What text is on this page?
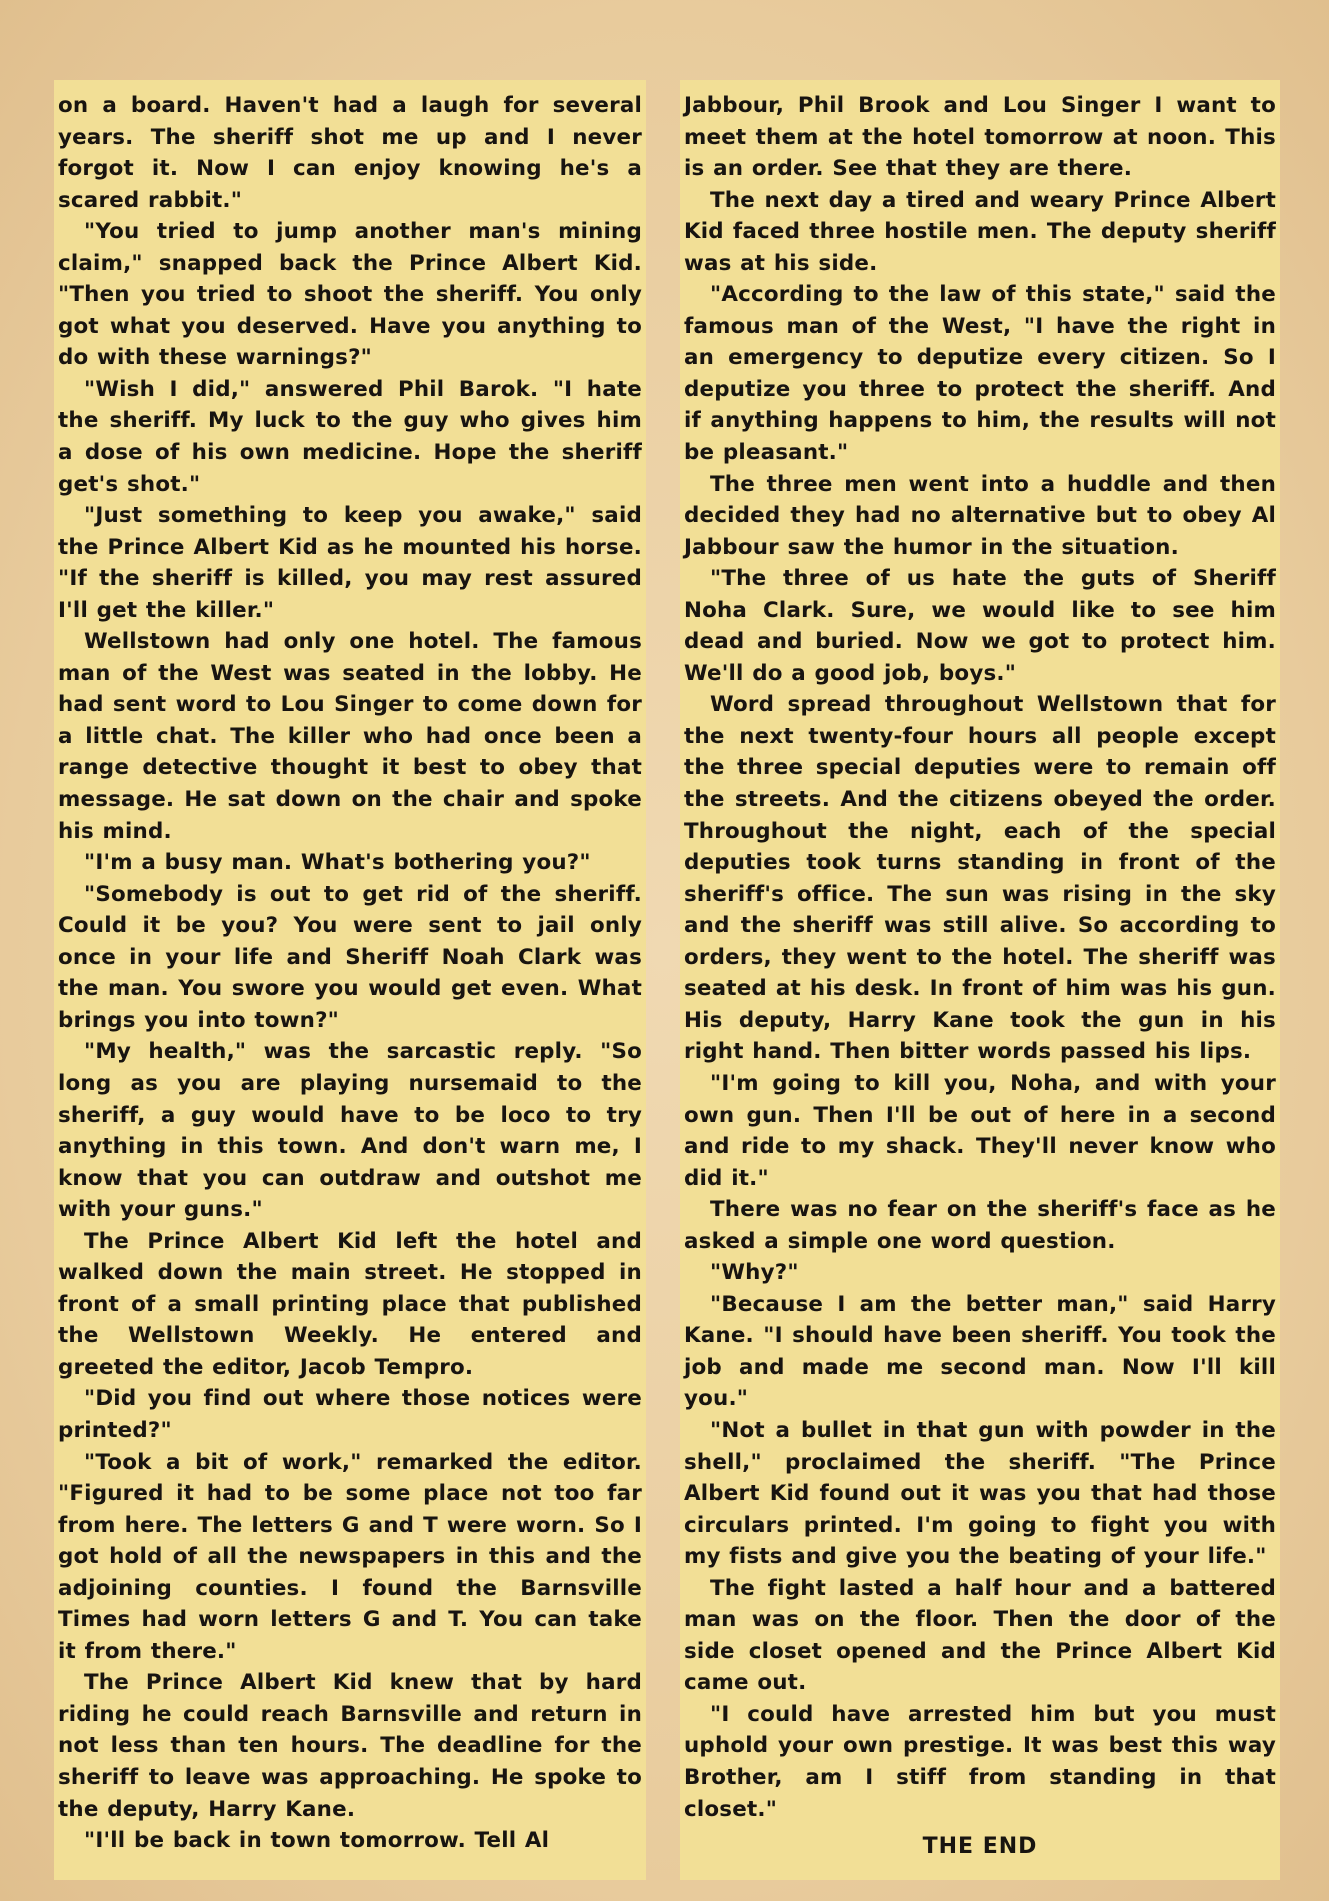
on a board. Haven't had a laugh for several years. The sheriff shot me up and I never forgot it. Now I can enjoy knowing he's a scared rabbit."

"You tried to jump another man's mining claim," snapped back the Prince Albert Kid. "Then you tried to shoot the sheriff. You only got what you deserved. Have you anything to do with these warnings?"

"Wish I did," answered Phil Barok. "I hate the sheriff. My luck to the guy who gives him a dose of his own medicine. Hope the sheriff get's shot."

"Just something to keep you awake," said the Prince Albert Kid as he mounted his horse. "If the sheriff is killed, you may rest assured I'll get the killer."

Wellstown had only one hotel. The famous man of the West was seated in the lobby. He had sent word to Lou Singer to come down for a little chat. The killer who had once been a range detective thought it best to obey that message. He sat down on the chair and spoke his mind.

"I'm a busy man. What's bothering you?"

"Somebody is out to get rid of the sheriff. Could it be you? You were sent to jail only once in your life and Sheriff Noah Clark was the man. You swore you would get even. What brings you into town?"

"My health," was the sarcastic reply. "So long as you are playing nursemaid to the sheriff, a guy would have to be loco to try anything in this town. And don't warn me, I know that you can outdraw and outshot me with your guns."

The Prince Albert Kid left the hotel and walked down the main street. He stopped in front of a small printing place that published the Wellstown Weekly. He entered and greeted the editor, Jacob Tempro.

"Did you find out where those notices were printed?"

"Took a bit of work," remarked the editor. "Figured it had to be some place not too far from here. The letters G and T were worn. So I got hold of all the newspapers in this and the adjoining counties. I found the Barnsville Times had worn letters G and T. You can take it from there."

The Prince Albert Kid knew that by hard riding he could reach Barnsville and return in not less than ten hours. The deadline for the sheriff to leave was approaching. He spoke to the deputy, Harry Kane.

"I'll be back in town tomorrow. Tell Al

Jabbour, Phil Brook and Lou Singer I want to meet them at the hotel tomorrow at noon. This is an order. See that they are there.

The next day a tired and weary Prince Albert Kid faced three hostile men. The deputy sheriff was at his side.

"According to the law of this state," said the famous man of the West, "I have the right in an emergency to deputize every citizen. So I deputize you three to protect the sheriff. And if anything happens to him, the results will not be pleasant."

The three men went into a huddle and then decided they had no alternative but to obey Al Jabbour saw the humor in the situation.

"The three of us hate the guts of Sheriff Noha Clark. Sure, we would like to see him dead and buried. Now we got to protect him. We'll do a good job, boys."

Word spread throughout Wellstown that for the next twenty-four hours all people except the three special deputies were to remain off the streets. And the citizens obeyed the order. Throughout the night, each of the special deputies took turns standing in front of the sheriff's office. The sun was rising in the sky and the sheriff was still alive. So according to orders, they went to the hotel. The sheriff was seated at his desk. In front of him was his gun. His deputy, Harry Kane took the gun in his right hand. Then bitter words passed his lips.

"I'm going to kill you, Noha, and with your own gun. Then I'll be out of here in a second and ride to my shack. They'll never know who did it."

There was no fear on the sheriff's face as he asked a simple one word question.

"Why?"

"Because I am the better man," said Harry Kane. "I should have been sheriff. You took the job and made me second man. Now I'll kill you."

"Not a bullet in that gun with powder in the shell," proclaimed the sheriff. "The Prince Albert Kid found out it was you that had those circulars printed. I'm going to fight you with my fists and give you the beating of your life."

The fight lasted a half hour and a battered man was on the floor. Then the door of the side closet opened and the Prince Albert Kid came out.

"I could have arrested him but you must uphold your own prestige. It was best this way Brother, am I stiff from standing in that closet."

THE END
